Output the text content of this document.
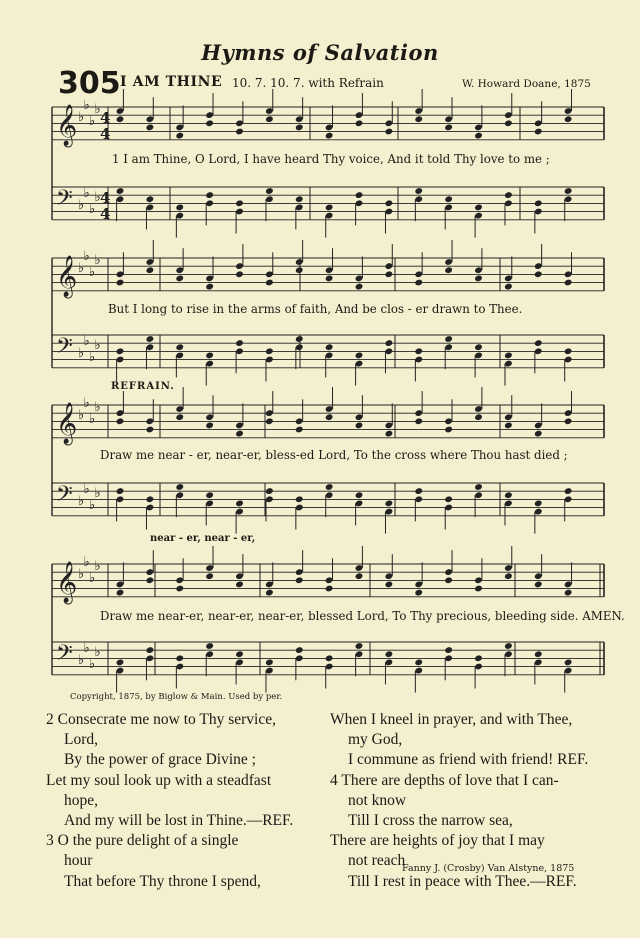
𝄞 ♭
♭
♭
♭ 4
4
𝄢 ♭
♭
♭
♭ 4
4
𝄞 ♭
♭
♭
♭
𝄢 ♭
♭
♭
♭
𝄞 ♭
♭
♭
♭
𝄢 ♭
♭
♭
♭
𝄞 ♭
♭
♭
♭
𝄢 ♭
♭
♭
♭
Hymns of Salvation
305 I AM THINE 10. 7. 10. 7. with Refrain	W. Howard Doane, 1875
1 I am Thine, O Lord, I have heard Thy voice, And it told Thy love to me ;
But I long to rise in the arms of faith, And be clos - er drawn to Thee.
REFRAIN.
Draw me near - er, near-er, bless-ed Lord, To the cross where Thou hast died ;
near - er, near - er,
Draw me near-er, near-er, near-er, blessed Lord, To Thy precious, bleeding side. AMEN.
Copyright, 1875, by Biglow & Main. Used by per.
2 Consecrate me now to Thy service,
Lord,
By the power of grace Divine ;
Let my soul look up with a steadfast
hope,
And my will be lost in Thine.—REF.
3 O the pure delight of a single
hour
That before Thy throne I spend,
When I kneel in prayer, and with Thee,
my God,
I commune as friend with friend! REF.
4 There are depths of love that I can-
not know
Till I cross the narrow sea,
There are heights of joy that I may
not reach
Till I rest in peace with Thee.—REF.
Fanny J. (Crosby) Van Alstyne, 1875
